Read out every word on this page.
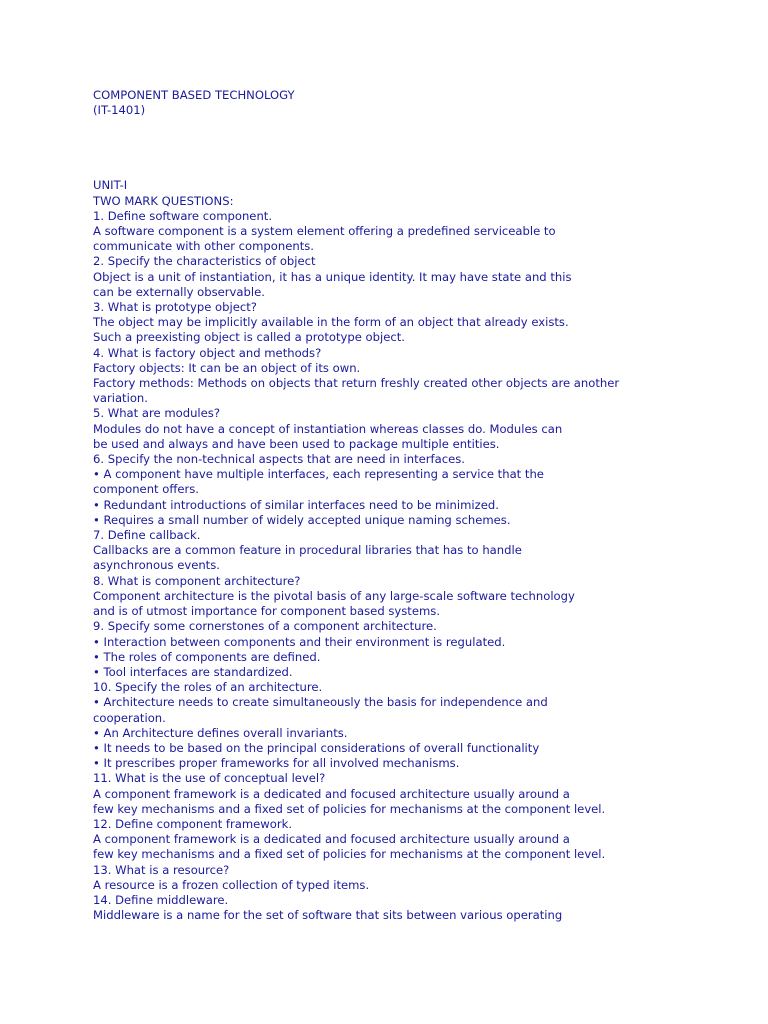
COMPONENT BASED TECHNOLOGY
(IT-1401)
UNIT-I
TWO MARK QUESTIONS:
1. Define software component.
A software component is a system element offering a predefined serviceable to
communicate with other components.
2. Specify the characteristics of object
Object is a unit of instantiation, it has a unique identity. It may have state and this
can be externally observable.
3. What is prototype object?
The object may be implicitly available in the form of an object that already exists.
Such a preexisting object is called a prototype object.
4. What is factory object and methods?
Factory objects: It can be an object of its own.
Factory methods: Methods on objects that return freshly created other objects are another
variation.
5. What are modules?
Modules do not have a concept of instantiation whereas classes do. Modules can
be used and always and have been used to package multiple entities.
6. Specify the non-technical aspects that are need in interfaces.
• A component have multiple interfaces, each representing a service that the
component offers.
• Redundant introductions of similar interfaces need to be minimized.
• Requires a small number of widely accepted unique naming schemes.
7. Define callback.
Callbacks are a common feature in procedural libraries that has to handle
asynchronous events.
8. What is component architecture?
Component architecture is the pivotal basis of any large-scale software technology
and is of utmost importance for component based systems.
9. Specify some cornerstones of a component architecture.
• Interaction between components and their environment is regulated.
• The roles of components are defined.
• Tool interfaces are standardized.
10. Specify the roles of an architecture.
• Architecture needs to create simultaneously the basis for independence and
cooperation.
• An Architecture defines overall invariants.
• It needs to be based on the principal considerations of overall functionality
• It prescribes proper frameworks for all involved mechanisms.
11. What is the use of conceptual level?
A component framework is a dedicated and focused architecture usually around a
few key mechanisms and a fixed set of policies for mechanisms at the component level.
12. Define component framework.
A component framework is a dedicated and focused architecture usually around a
few key mechanisms and a fixed set of policies for mechanisms at the component level.
13. What is a resource?
A resource is a frozen collection of typed items.
14. Define middleware.
Middleware is a name for the set of software that sits between various operating
